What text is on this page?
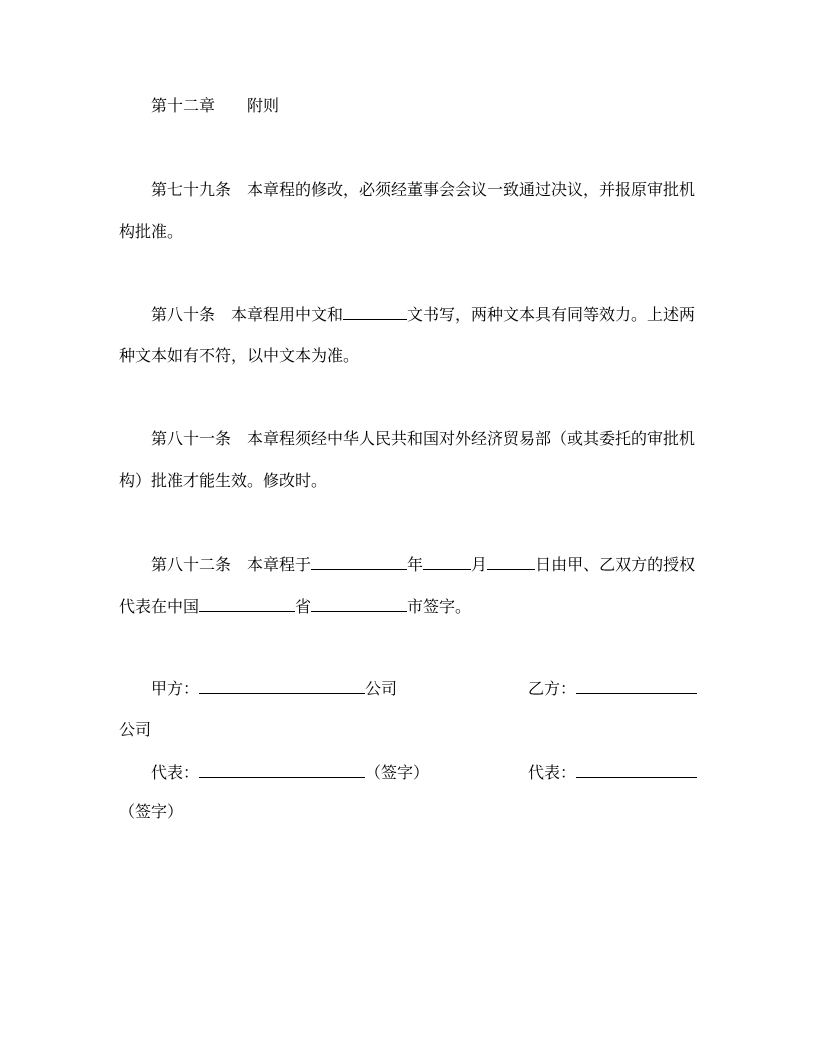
第十二章 附则
第七十九条 本章程的修改，必须经董事会会议一致通过决议，并报原审批机
构批准。
第八十条 本章程用中文和	文书写，两种文本具有同等效力。上述两
种文本如有不符，以中文本为准。
第八十一条 本章程须经中华人民共和国对外经济贸易部（或其委托的审批机
构）批准才能生效。修改时。
第八十二条 本章程于	年	月	日由甲、乙双方的授权
代表在中国	省	市签字。
甲方：	公司	乙方：
公司
代表：	（签字）	代表：
（签字）
